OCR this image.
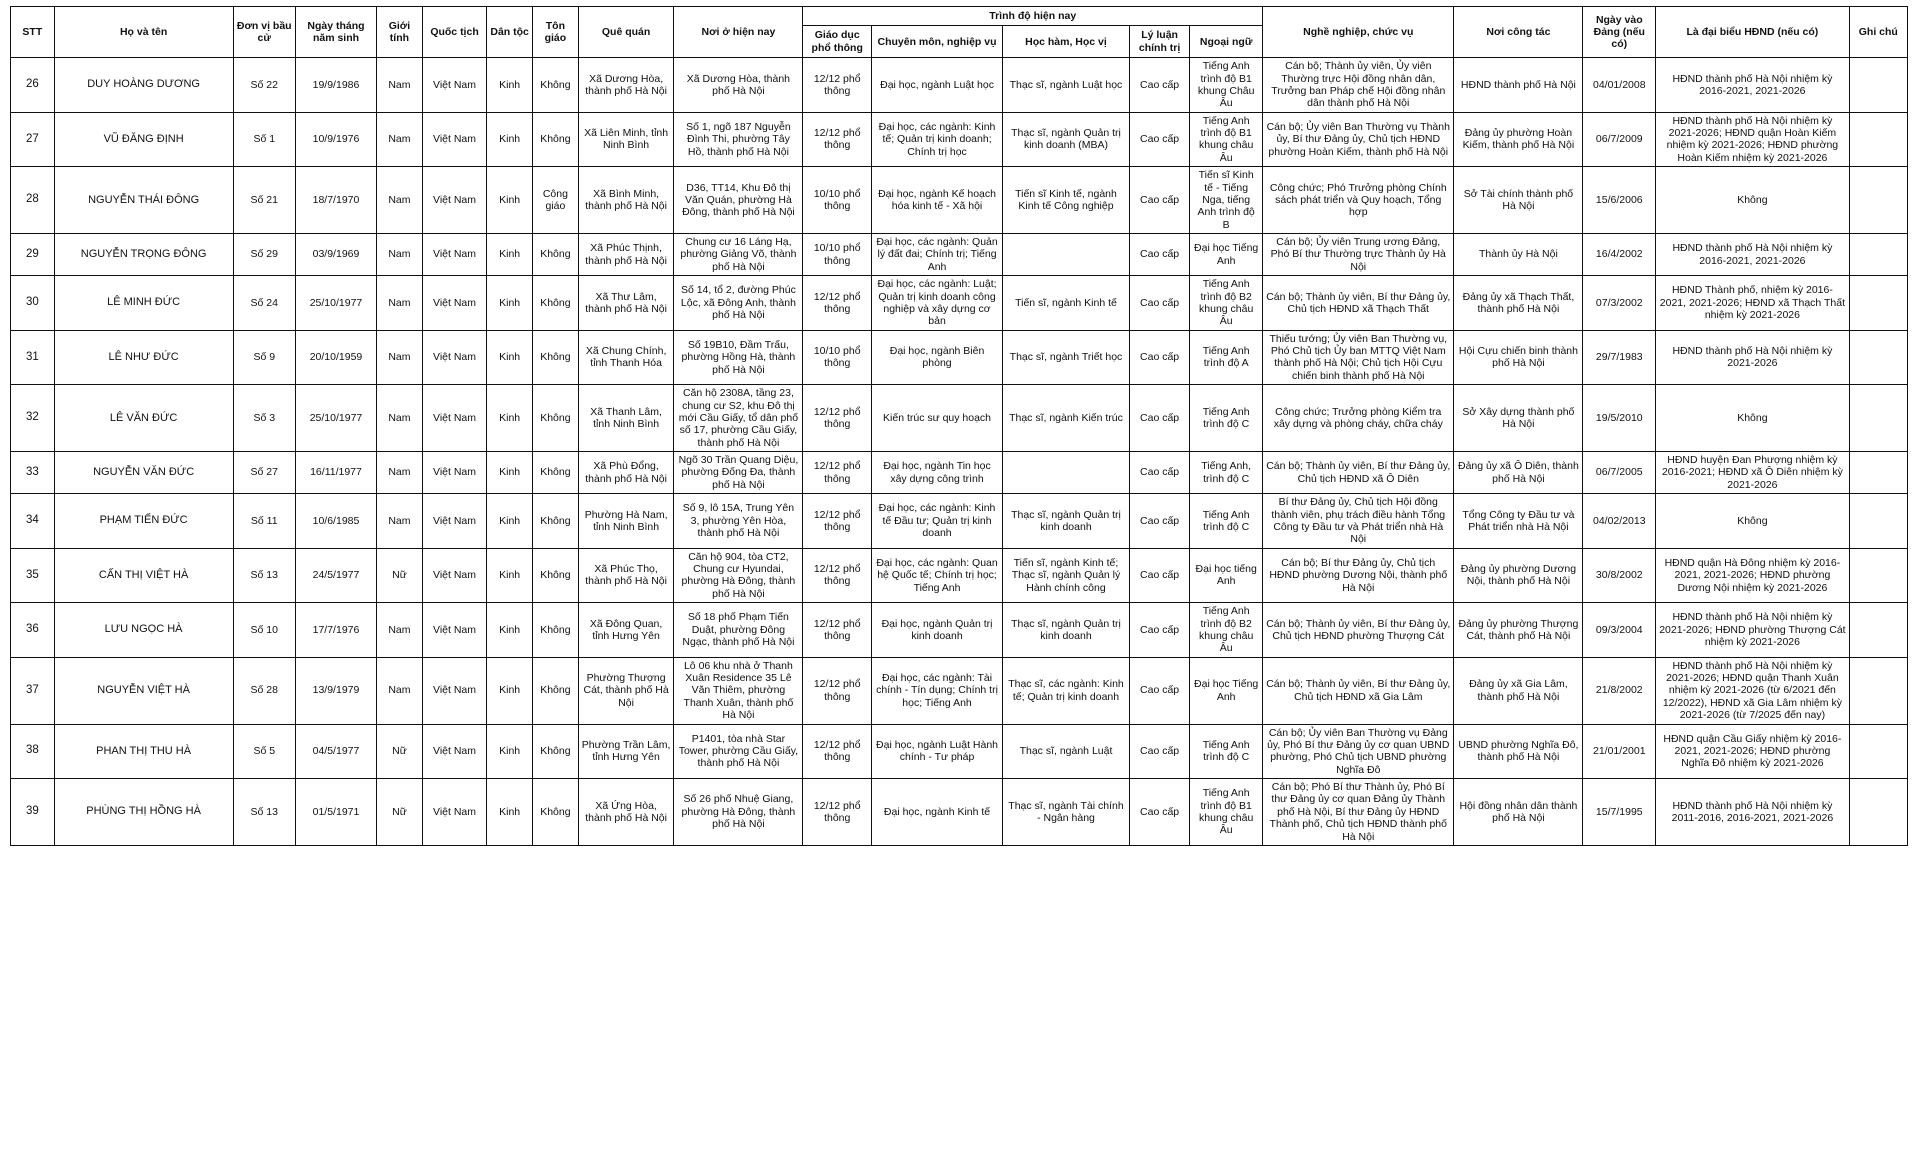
STT	Họ và tên	Đơn vị bầu cử	Ngày tháng năm sinh	Giới tính	Quốc tịch	Dân tộc	Tôn giáo	Quê quán	Nơi ở hiện nay	Trình độ hiện nay					Nghề nghiệp, chức vụ	Nơi công tác	Ngày vào Đảng (nếu có)	Là đại biểu HĐND (nếu có)	Ghi chú
										Giáo dục phổ thông	Chuyên môn, nghiệp vụ	Học hàm, Học vị	Lý luận chính trị	Ngoại ngữ					
26	DUY HOÀNG DƯƠNG	Số 22	19/9/1986	Nam	Việt Nam	Kinh	Không	Xã Dương Hòa, thành phố Hà Nội	Xã Dương Hòa, thành phố Hà Nội	12/12 phổ thông	Đại học, ngành Luật học	Thạc sĩ, ngành Luật học	Cao cấp	Tiếng Anh trình độ B1 khung Châu Âu	Cán bộ; Thành ủy viên, Ủy viên Thường trực Hội đồng nhân dân, Trưởng ban Pháp chế Hội đồng nhân dân thành phố Hà Nội	HĐND thành phố Hà Nội	04/01/2008	HĐND thành phố Hà Nội nhiệm kỳ 2016-2021, 2021-2026	
27	VŨ ĐĂNG ĐỊNH	Số 1	10/9/1976	Nam	Việt Nam	Kinh	Không	Xã Liên Minh, tỉnh Ninh Bình	Số 1, ngõ 187 Nguyễn Đình Thi, phường Tây Hồ, thành phố Hà Nội	12/12 phổ thông	Đại học, các ngành: Kinh tế; Quản trị kinh doanh; Chính trị học	Thạc sĩ, ngành Quản trị kinh doanh (MBA)	Cao cấp	Tiếng Anh trình độ B1 khung châu Âu	Cán bộ; Ủy viên Ban Thường vụ Thành ủy, Bí thư Đảng ủy, Chủ tịch HĐND phường Hoàn Kiếm, thành phố Hà Nội	Đảng ủy phường Hoàn Kiếm, thành phố Hà Nội	06/7/2009	HĐND thành phố Hà Nội nhiệm kỳ 2021-2026; HĐND quận Hoàn Kiếm nhiệm kỳ 2021-2026; HĐND phường Hoàn Kiếm nhiệm kỳ 2021-2026	
28	NGUYỄN THÁI ĐÔNG	Số 21	18/7/1970	Nam	Việt Nam	Kinh	Công giáo	Xã Bình Minh, thành phố Hà Nội	D36, TT14, Khu Đô thị Văn Quán, phường Hà Đông, thành phố Hà Nội	10/10 phổ thông	Đại học, ngành Kế hoạch hóa kinh tế - Xã hội	Tiến sĩ Kinh tế, ngành Kinh tế Công nghiệp	Cao cấp	Tiến sĩ Kinh tế - Tiếng Nga, tiếng Anh trình độ B	Công chức; Phó Trưởng phòng Chính sách phát triển và Quy hoạch, Tổng hợp	Sở Tài chính thành phố Hà Nội	15/6/2006	Không	
29	NGUYỄN TRỌNG ĐÔNG	Số 29	03/9/1969	Nam	Việt Nam	Kinh	Không	Xã Phúc Thịnh, thành phố Hà Nội	Chung cư 16 Láng Hạ, phường Giảng Võ, thành phố Hà Nội	10/10 phổ thông	Đại học, các ngành: Quản lý đất đai; Chính trị; Tiếng Anh		Cao cấp	Đại học Tiếng Anh	Cán bộ; Ủy viên Trung ương Đảng, Phó Bí thư Thường trực Thành ủy Hà Nội	Thành ủy Hà Nội	16/4/2002	HĐND thành phố Hà Nội nhiệm kỳ 2016-2021, 2021-2026	
30	LÊ MINH ĐỨC	Số 24	25/10/1977	Nam	Việt Nam	Kinh	Không	Xã Thư Lâm, thành phố Hà Nội	Số 14, tổ 2, đường Phúc Lộc, xã Đông Anh, thành phố Hà Nội	12/12 phổ thông	Đại học, các ngành: Luật; Quản trị kinh doanh công nghiệp và xây dựng cơ bản	Tiến sĩ, ngành Kinh tế	Cao cấp	Tiếng Anh trình độ B2 khung châu Âu	Cán bộ; Thành ủy viên, Bí thư Đảng ủy, Chủ tịch HĐND xã Thạch Thất	Đảng ủy xã Thạch Thất, thành phố Hà Nội	07/3/2002	HĐND Thành phố, nhiệm kỳ 2016-2021, 2021-2026; HĐND xã Thạch Thất nhiệm kỳ 2021-2026	
31	LÊ NHƯ ĐỨC	Số 9	20/10/1959	Nam	Việt Nam	Kinh	Không	Xã Chung Chính, tỉnh Thanh Hóa	Số 19B10, Đầm Trấu, phường Hồng Hà, thành phố Hà Nội	10/10 phổ thông	Đại học, ngành Biên phòng	Thạc sĩ, ngành Triết học	Cao cấp	Tiếng Anh trình độ A	Thiếu tướng; Ủy viên Ban Thường vụ, Phó Chủ tịch Ủy ban MTTQ Việt Nam thành phố Hà Nội; Chủ tịch Hội Cựu chiến binh thành phố Hà Nội	Hội Cựu chiến binh thành phố Hà Nội	29/7/1983	HĐND thành phố Hà Nội nhiệm kỳ 2021-2026	
32	LÊ VĂN ĐỨC	Số 3	25/10/1977	Nam	Việt Nam	Kinh	Không	Xã Thanh Lâm, tỉnh Ninh Bình	Căn hộ 2308A, tầng 23, chung cư S2, khu Đô thị mới Cầu Giấy, tổ dân phố số 17, phường Cầu Giấy, thành phố Hà Nội	12/12 phổ thông	Kiến trúc sư quy hoạch	Thạc sĩ, ngành Kiến trúc	Cao cấp	Tiếng Anh trình độ C	Công chức; Trưởng phòng Kiểm tra xây dựng và phòng cháy, chữa cháy	Sở Xây dựng thành phố Hà Nội	19/5/2010	Không	
33	NGUYỄN VĂN ĐỨC	Số 27	16/11/1977	Nam	Việt Nam	Kinh	Không	Xã Phù Đổng, thành phố Hà Nội	Ngõ 30 Trần Quang Diệu, phường Đống Đa, thành phố Hà Nội	12/12 phổ thông	Đại học, ngành Tin học xây dựng công trình		Cao cấp	Tiếng Anh, trình độ C	Cán bộ; Thành ủy viên, Bí thư Đảng ủy, Chủ tịch HĐND xã Ô Diên	Đảng ủy xã Ô Diên, thành phố Hà Nội	06/7/2005	HĐND huyện Đan Phượng nhiệm kỳ 2016-2021; HĐND xã Ô Diên nhiệm kỳ 2021-2026	
34	PHẠM TIẾN ĐỨC	Số 11	10/6/1985	Nam	Việt Nam	Kinh	Không	Phường Hà Nam, tỉnh Ninh Bình	Số 9, lô 15A, Trung Yên 3, phường Yên Hòa, thành phố Hà Nội	12/12 phổ thông	Đại học, các ngành: Kinh tế Đầu tư; Quản trị kinh doanh	Thạc sĩ, ngành Quản trị kinh doanh	Cao cấp	Tiếng Anh trình độ C	Bí thư Đảng ủy, Chủ tịch Hội đồng thành viên, phụ trách điều hành Tổng Công ty Đầu tư và Phát triển nhà Hà Nội	Tổng Công ty Đầu tư và Phát triển nhà Hà Nội	04/02/2013	Không	
35	CẤN THỊ VIỆT HÀ	Số 13	24/5/1977	Nữ	Việt Nam	Kinh	Không	Xã Phúc Thọ, thành phố Hà Nội	Căn hộ 904, tòa CT2, Chung cư Hyundai, phường Hà Đông, thành phố Hà Nội	12/12 phổ thông	Đại học, các ngành: Quan hệ Quốc tế; Chính trị học; Tiếng Anh	Tiến sĩ, ngành Kinh tế; Thạc sĩ, ngành Quản lý Hành chính công	Cao cấp	Đại học tiếng Anh	Cán bộ; Bí thư Đảng ủy, Chủ tịch HĐND phường Dương Nội, thành phố Hà Nội	Đảng ủy phường Dương Nội, thành phố Hà Nội	30/8/2002	HĐND quận Hà Đông nhiệm kỳ 2016-2021, 2021-2026; HĐND phường Dương Nội nhiệm kỳ 2021-2026	
36	LƯU NGỌC HÀ	Số 10	17/7/1976	Nam	Việt Nam	Kinh	Không	Xã Đông Quan, tỉnh Hưng Yên	Số 18 phố Phạm Tiến Duật, phường Đông Ngạc, thành phố Hà Nội	12/12 phổ thông	Đại học, ngành Quản trị kinh doanh	Thạc sĩ, ngành Quản trị kinh doanh	Cao cấp	Tiếng Anh trình độ B2 khung châu Âu	Cán bộ; Thành ủy viên, Bí thư Đảng ủy, Chủ tịch HĐND phường Thượng Cát	Đảng ủy phường Thượng Cát, thành phố Hà Nội	09/3/2004	HĐND thành phố Hà Nội nhiệm kỳ 2021-2026; HĐND phường Thượng Cát nhiệm kỳ 2021-2026	
37	NGUYỄN VIỆT HÀ	Số 28	13/9/1979	Nam	Việt Nam	Kinh	Không	Phường Thượng Cát, thành phố Hà Nội	Lô 06 khu nhà ở Thanh Xuân Residence 35 Lê Văn Thiêm, phường Thanh Xuân, thành phố Hà Nội	12/12 phổ thông	Đại học, các ngành: Tài chính - Tín dụng; Chính trị học; Tiếng Anh	Thạc sĩ, các ngành: Kinh tế; Quản trị kinh doanh	Cao cấp	Đại học Tiếng Anh	Cán bộ; Thành ủy viên, Bí thư Đảng ủy, Chủ tịch HĐND xã Gia Lâm	Đảng ủy xã Gia Lâm, thành phố Hà Nội	21/8/2002	HĐND thành phố Hà Nội nhiệm kỳ 2021-2026; HĐND quận Thanh Xuân nhiệm kỳ 2021-2026 (từ 6/2021 đến 12/2022), HĐND xã Gia Lâm nhiệm kỳ 2021-2026 (từ 7/2025 đến nay)	
38	PHAN THỊ THU HÀ	Số 5	04/5/1977	Nữ	Việt Nam	Kinh	Không	Phường Trần Lâm, tỉnh Hưng Yên	P1401, tòa nhà Star Tower, phường Cầu Giấy, thành phố Hà Nội	12/12 phổ thông	Đại học, ngành Luật Hành chính - Tư pháp	Thạc sĩ, ngành Luật	Cao cấp	Tiếng Anh trình độ C	Cán bộ; Ủy viên Ban Thường vụ Đảng ủy, Phó Bí thư Đảng ủy cơ quan UBND phường, Phó Chủ tịch UBND phường Nghĩa Đô	UBND phường Nghĩa Đô, thành phố Hà Nội	21/01/2001	HĐND quận Cầu Giấy nhiệm kỳ 2016-2021, 2021-2026; HĐND phường Nghĩa Đô nhiệm kỳ 2021-2026	
39	PHÙNG THỊ HỒNG HÀ	Số 13	01/5/1971	Nữ	Việt Nam	Kinh	Không	Xã Ứng Hòa, thành phố Hà Nội	Số 26 phố Nhuệ Giang, phường Hà Đông, thành phố Hà Nội	12/12 phổ thông	Đại học, ngành Kinh tế	Thạc sĩ, ngành Tài chính - Ngân hàng	Cao cấp	Tiếng Anh trình độ B1 khung châu Âu	Cán bộ; Phó Bí thư Thành ủy, Phó Bí thư Đảng ủy cơ quan Đảng ủy Thành phố Hà Nội, Bí thư Đảng ủy HĐND Thành phố, Chủ tịch HĐND thành phố Hà Nội	Hội đồng nhân dân thành phố Hà Nội	15/7/1995	HĐND thành phố Hà Nội nhiệm kỳ 2011-2016, 2016-2021, 2021-2026	
